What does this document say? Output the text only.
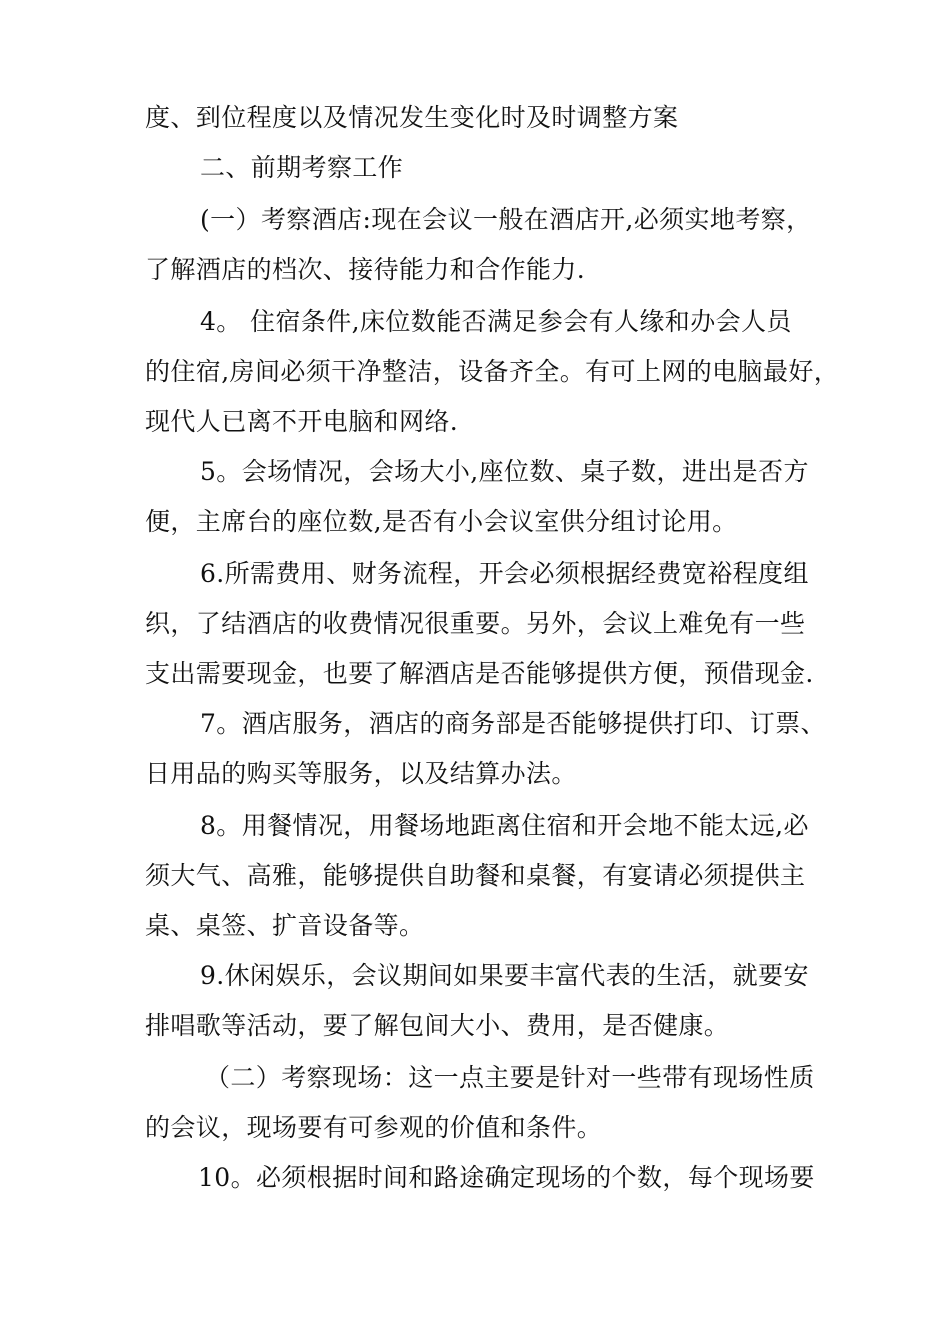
度、到位程度以及情况发生变化时及时调整方案
二、前期考察工作
(一）考察酒店:现在会议一般在酒店开,必须实地考察，
了解酒店的档次、接待能力和合作能力.
4。 住宿条件,床位数能否满足参会有人缘和办会人员
的住宿,房间必须干净整洁，设备齐全。有可上网的电脑最好，
现代人已离不开电脑和网络.
5。会场情况，会场大小,座位数、桌子数，进出是否方
便，主席台的座位数,是否有小会议室供分组讨论用。
6.所需费用、财务流程，开会必须根据经费宽裕程度组
织，了结酒店的收费情况很重要。另外，会议上难免有一些
支出需要现金，也要了解酒店是否能够提供方便，预借现金.
7。酒店服务，酒店的商务部是否能够提供打印、订票、
日用品的购买等服务，以及结算办法。
8。用餐情况，用餐场地距离住宿和开会地不能太远,必
须大气、高雅，能够提供自助餐和桌餐，有宴请必须提供主
桌、桌签、扩音设备等。
9.休闲娱乐，会议期间如果要丰富代表的生活，就要安
排唱歌等活动，要了解包间大小、费用，是否健康。
（二）考察现场：这一点主要是针对一些带有现场性质
的会议，现场要有可参观的价值和条件。
10。必须根据时间和路途确定现场的个数，每个现场要
